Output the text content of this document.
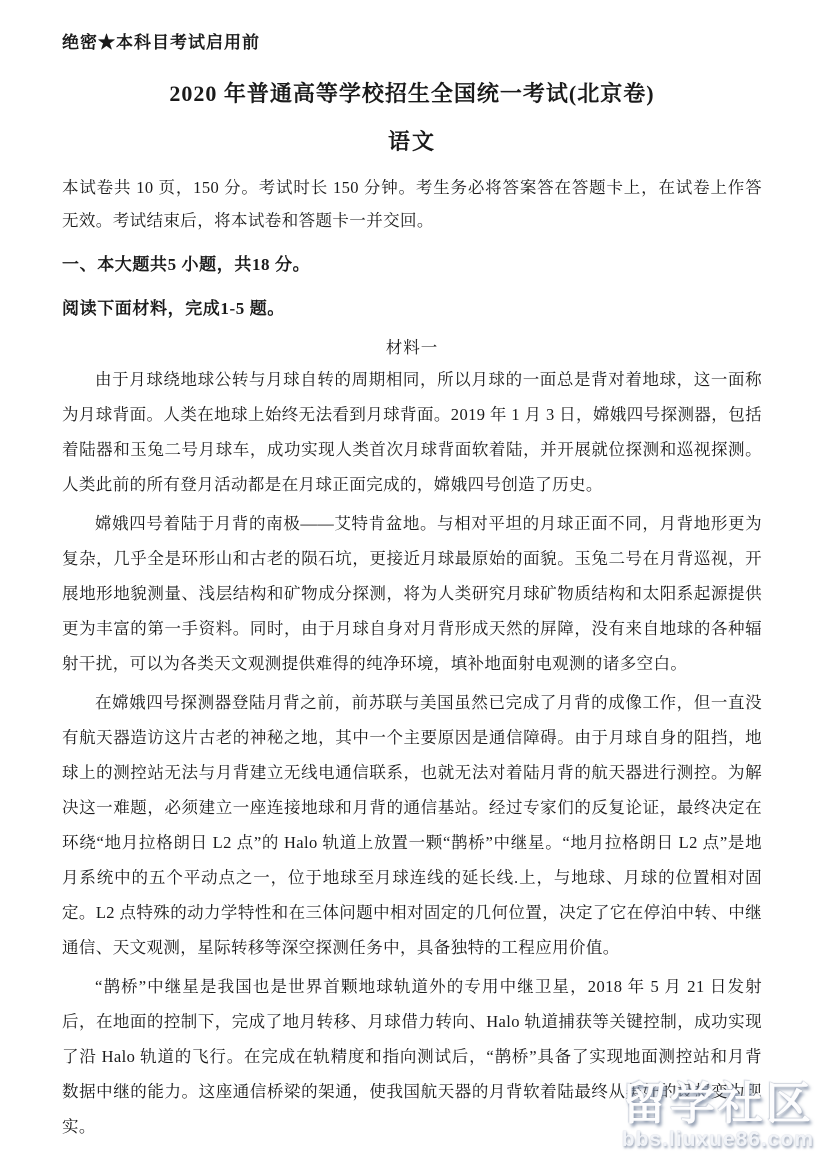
绝密★本科目考试启用前
2020 年普通高等学校招生全国统一考试(北京卷)
语文

本试卷共 10 页，150 分。考试时长 150 分钟。考生务必将答案答在答题卡上，在试卷上作答无效。考试结束后，将本试卷和答题卡一并交回。

一、本大题共5 小题，共18 分。

阅读下面材料，完成1-5 题。

材料一

由于月球绕地球公转与月球自转的周期相同，所以月球的一面总是背对着地球，这一面称为月球背面。人类在地球上始终无法看到月球背面。2019 年 1 月 3 日，嫦娥四号探测器，包括着陆器和玉兔二号月球车，成功实现人类首次月球背面软着陆，并开展就位探测和巡视探测。人类此前的所有登月活动都是在月球正面完成的，嫦娥四号创造了历史。

嫦娥四号着陆于月背的南极——艾特肯盆地。与相对平坦的月球正面不同，月背地形更为复杂，几乎全是环形山和古老的陨石坑，更接近月球最原始的面貌。玉兔二号在月背巡视，开展地形地貌测量、浅层结构和矿物成分探测，将为人类研究月球矿物质结构和太阳系起源提供更为丰富的第一手资料。同时，由于月球自身对月背形成天然的屏障，没有来自地球的各种辐射干扰，可以为各类天文观测提供难得的纯净环境，填补地面射电观测的诸多空白。

在嫦娥四号探测器登陆月背之前，前苏联与美国虽然已完成了月背的成像工作，但一直没有航天器造访这片古老的神秘之地，其中一个主要原因是通信障碍。由于月球自身的阻挡，地球上的测控站无法与月背建立无线电通信联系，也就无法对着陆月背的航天器进行测控。为解决这一难题，必须建立一座连接地球和月背的通信基站。经过专家们的反复论证，最终决定在环绕“地月拉格朗日 L2 点”的 Halo 轨道上放置一颗“鹊桥”中继星。“地月拉格朗日 L2 点”是地月系统中的五个平动点之一，位于地球至月球连线的延长线.上，与地球、月球的位置相对固定。L2 点特殊的动力学特性和在三体问题中相对固定的几何位置，决定了它在停泊中转、中继通信、天文观测，星际转移等深空探测任务中，具备独特的工程应用价值。

“鹊桥”中继星是我国也是世界首颗地球轨道外的专用中继卫星，2018 年 5 月 21 日发射后，在地面的控制下，完成了地月转移、月球借力转向、Halo 轨道捕获等关键控制，成功实现了沿 Halo 轨道的飞行。在完成在轨精度和指向测试后，“鹊桥”具备了实现地面测控站和月背数据中继的能力。这座通信桥梁的架通，使我国航天器的月背软着陆最终从美好的设想变为现实。	留学社区
bbs.liuxue86.com
